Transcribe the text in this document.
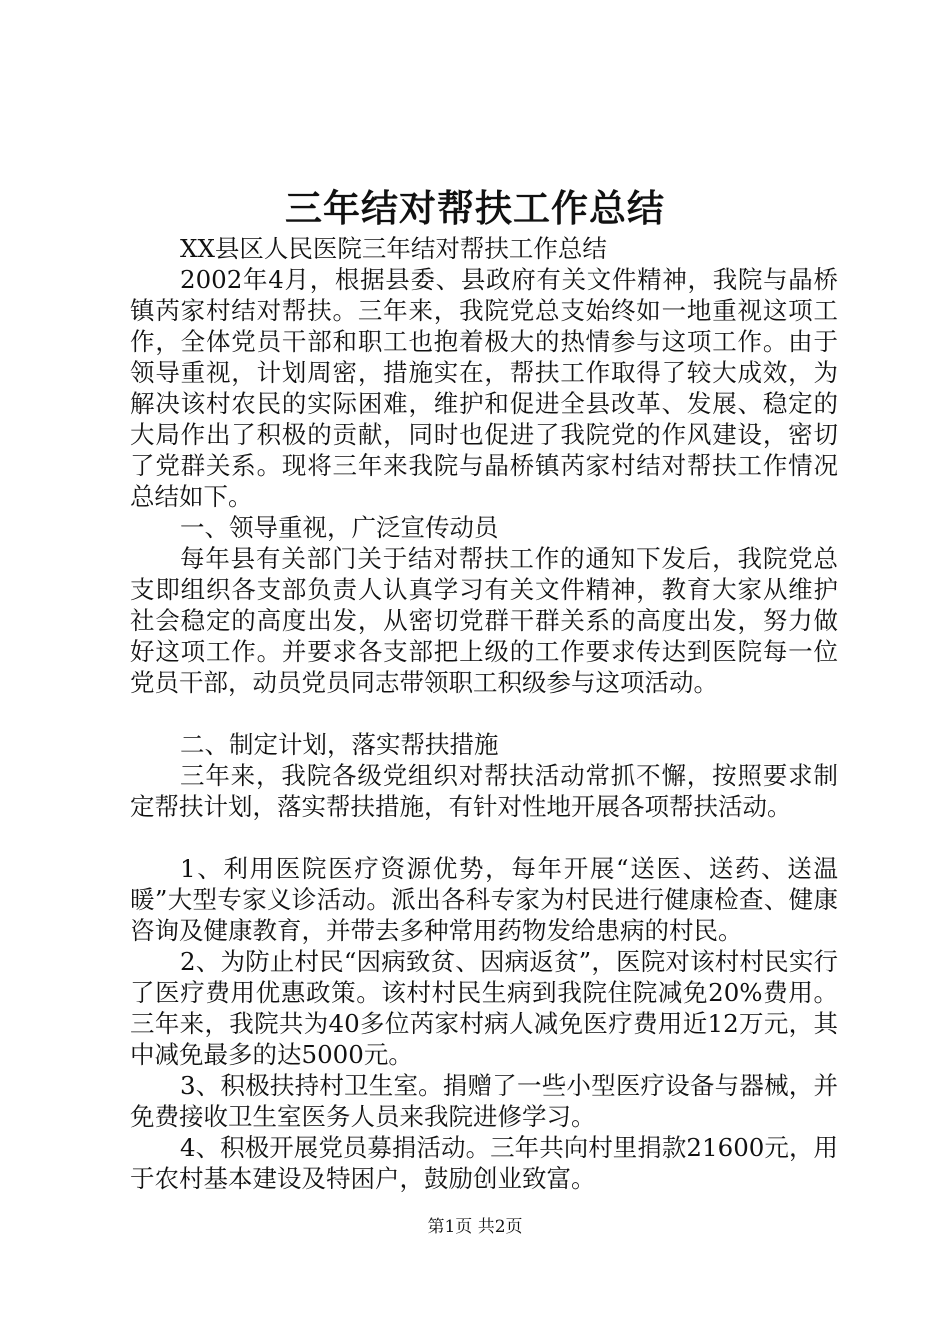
三年结对帮扶工作总结

XX县区人民医院三年结对帮扶工作总结

2002年4月，根据县委、县政府有关文件精神，我院与晶桥镇芮家村结对帮扶。三年来，我院党总支始终如一地重视这项工作，全体党员干部和职工也抱着极大的热情参与这项工作。由于领导重视，计划周密，措施实在，帮扶工作取得了较大成效，为解决该村农民的实际困难，维护和促进全县改革、发展、稳定的大局作出了积极的贡献，同时也促进了我院党的作风建设，密切了党群关系。现将三年来我院与晶桥镇芮家村结对帮扶工作情况总结如下。

一、领导重视，广泛宣传动员

每年县有关部门关于结对帮扶工作的通知下发后，我院党总支即组织各支部负责人认真学习有关文件精神，教育大家从维护社会稳定的高度出发，从密切党群干群关系的高度出发，努力做好这项工作。并要求各支部把上级的工作要求传达到医院每一位党员干部，动员党员同志带领职工积级参与这项活动。

二、制定计划，落实帮扶措施

三年来，我院各级党组织对帮扶活动常抓不懈，按照要求制定帮扶计划，落实帮扶措施，有针对性地开展各项帮扶活动。

1、利用医院医疗资源优势，每年开展“送医、送药、送温暖”大型专家义诊活动。派出各科专家为村民进行健康检查、健康咨询及健康教育，并带去多种常用药物发给患病的村民。

2、为防止村民“因病致贫、因病返贫”，医院对该村村民实行了医疗费用优惠政策。该村村民生病到我院住院减免20%费用。三年来，我院共为40多位芮家村病人减免医疗费用近12万元，其中减免最多的达5000元。

3、积极扶持村卫生室。捐赠了一些小型医疗设备与器械，并免费接收卫生室医务人员来我院进修学习。

4、积极开展党员募捐活动。三年共向村里捐款21600元，用于农村基本建设及特困户，鼓励创业致富。

第1页 共2页
